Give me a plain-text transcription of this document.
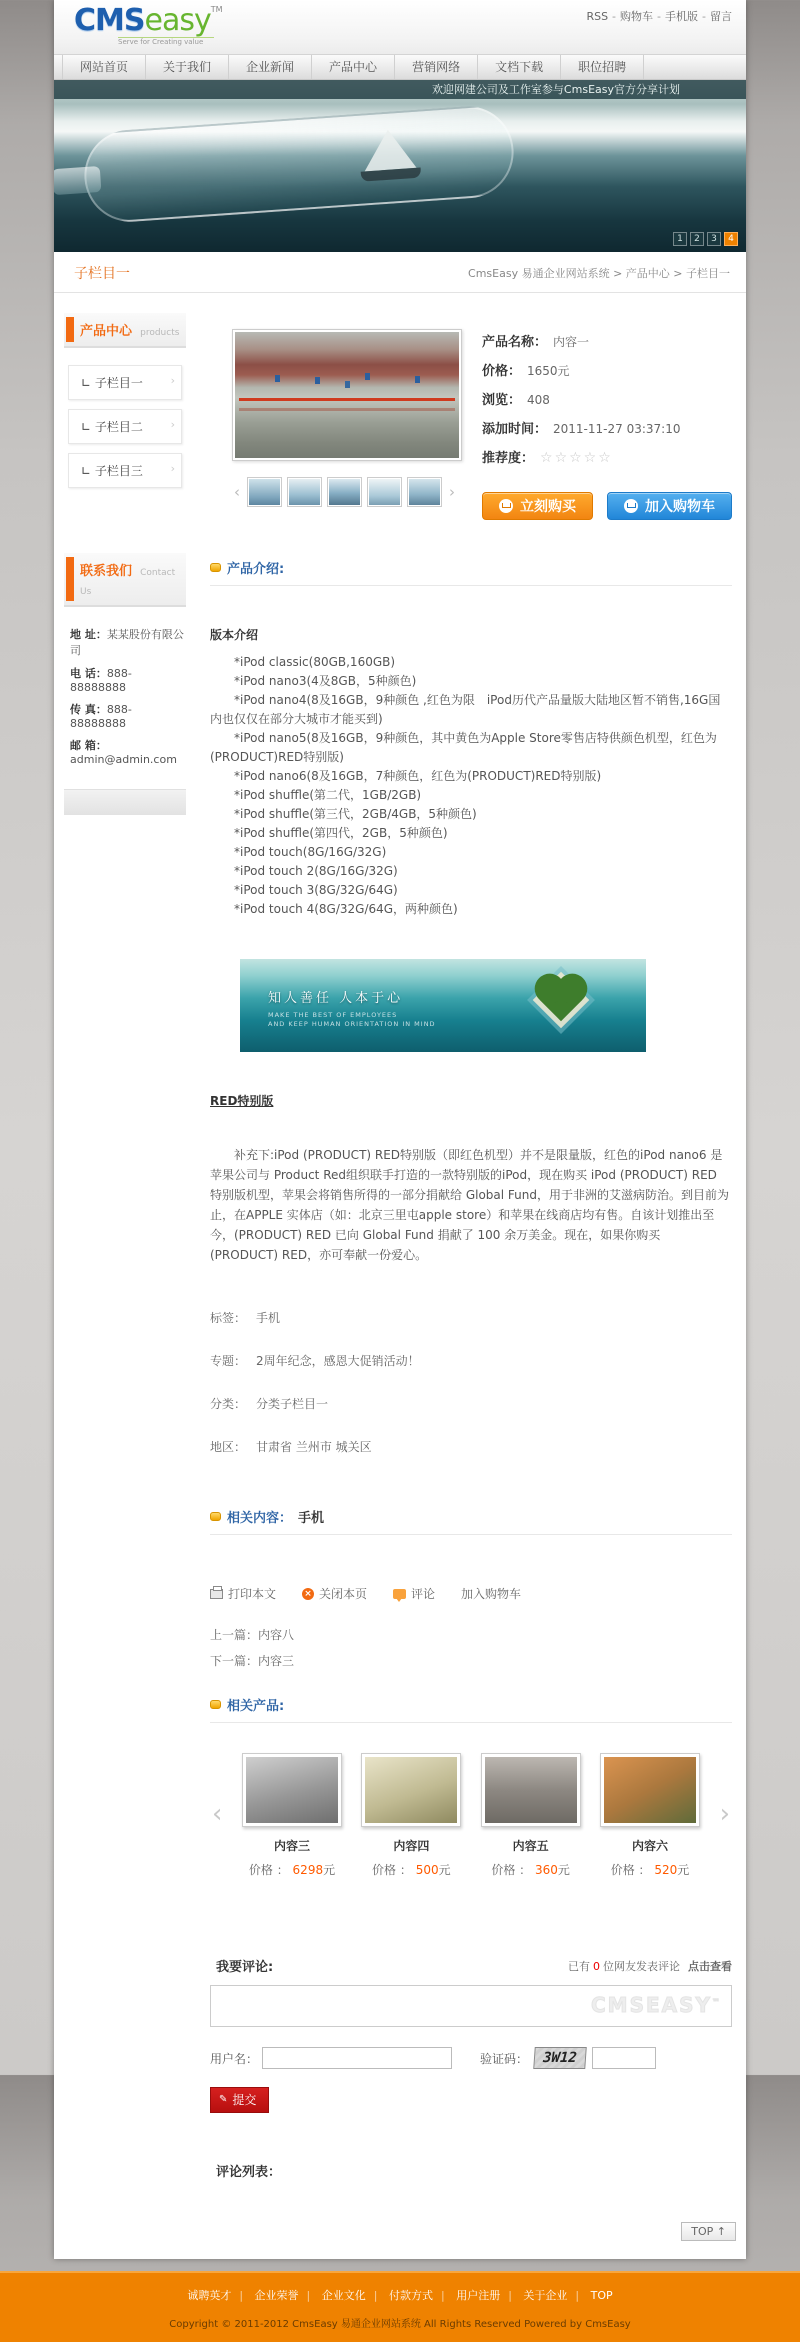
CMSeasy™
Serve for Creating value
RSS - 购物车 - 手机版 - 留言
网站首页	关于我们	企业新闻	产品中心	营销网络	文档下载	职位招聘
欢迎网建公司及工作室参与CmsEasy官方分享计划
1	2	3	4
子栏目一	CmsEasy 易通企业网站系统 > 产品中心 > 子栏目一
产品中心 products
∟ 子栏目一	›
∟ 子栏目二	›
∟ 子栏目三	›
联系我们 Contact Us
地 址：某某股份有限公司
电 话：888-88888888
传 真：888-88888888
邮 箱：admin@admin.com
‹	›
产品名称： 内容一
价格： 1650元
浏览： 408
添加时间： 2011-11-27 03:37:10
推荐度： ☆☆☆☆☆
立刻购买	加入购物车
产品介绍:

版本介绍

*iPod classic(80GB,160GB)

*iPod nano3(4及8GB，5种颜色)

*iPod nano4(8及16GB，9种颜色 ,红色为限　iPod历代产品量版大陆地区暂不销售,16G国内也仅仅在部分大城市才能买到)

*iPod nano5(8及16GB，9种颜色，其中黄色为Apple Store零售店特供颜色机型，红色为 (PRODUCT)RED特别版)

*iPod nano6(8及16GB，7种颜色，红色为(PRODUCT)RED特别版)

*iPod shuffle(第二代，1GB/2GB)

*iPod shuffle(第三代，2GB/4GB，5种颜色)

*iPod shuffle(第四代，2GB，5种颜色)

*iPod touch(8G/16G/32G)

*iPod touch 2(8G/16G/32G)

*iPod touch 3(8G/32G/64G)

*iPod touch 4(8G/32G/64G，两种颜色)

知人善任 人本于心
MAKE THE BEST OF EMPLOYEES
AND KEEP HUMAN ORIENTATION IN MIND

RED特别版

补充下:iPod (PRODUCT) RED特别版（即红色机型）并不是限量版，红色的iPod nano6 是苹果公司与 Product Red组织联手打造的一款特别版的iPod，现在购买 iPod (PRODUCT) RED 特别版机型，苹果会将销售所得的一部分捐献给 Global Fund，用于非洲的艾滋病防治。到目前为止，在APPLE 实体店（如：北京三里屯apple store）和苹果在线商店均有售。自该计划推出至今，(PRODUCT) RED 已向 Global Fund 捐献了 100 余万美金。现在，如果你购买 (PRODUCT) RED，亦可奉献一份爱心。

标签： 手机
专题： 2周年纪念，感恩大促销活动！
分类： 分类子栏目一
地区： 甘肃省 兰州市 城关区
相关内容： 手机
打印本文	× 关闭本页	评论 加入购物车
上一篇：内容八
下一篇：内容三
相关产品:
‹	›
内容三
价格 ： 6298元
内容四
价格 ： 500元
内容五
价格 ： 360元
内容六
价格 ： 520元
我要评论:	已有 0 位网友发表评论 点击查看
CMSEASY™
用户名：	验证码：	3W12
✎ 提交
评论列表：
TOP ↑
诚聘英才 | 企业荣誉 | 企业文化 | 付款方式 | 用户注册 | 关于企业 | TOP
Copyright © 2011-2012 CmsEasy 易通企业网站系统 All Rights Reserved Powered by CmsEasy
